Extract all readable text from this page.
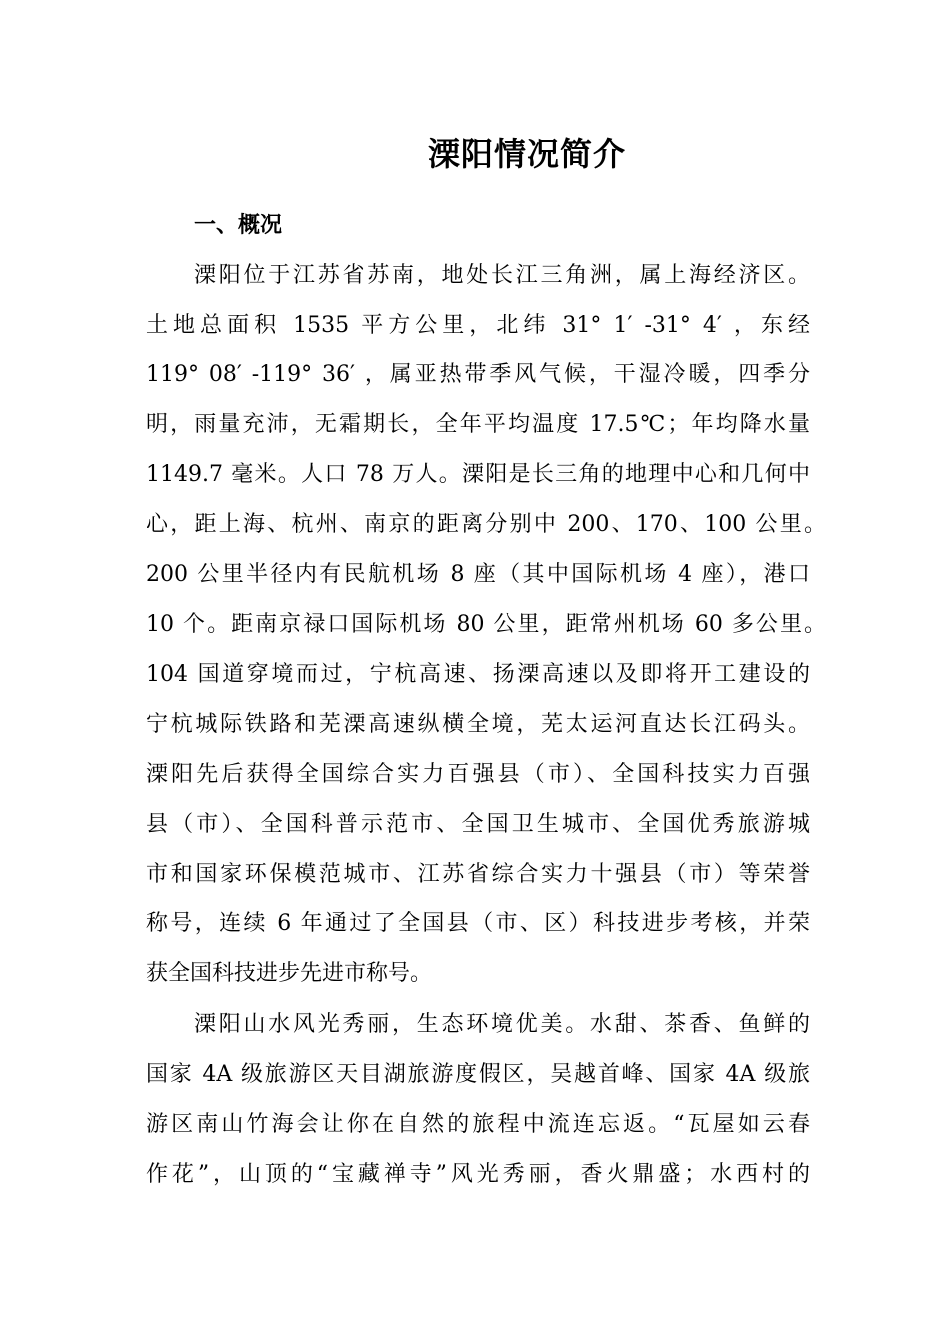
溧阳情况简介
一、概况
溧阳位于江苏省苏南，地处长江三角洲，属上海经济区。
土地总面积 1535 平方公里，北纬 31° 1′ -31° 4′ ，东经
119° 08′ -119° 36′ ，属亚热带季风气候，干湿冷暖，四季分
明，雨量充沛，无霜期长，全年平均温度 17.5℃；年均降水量
1149.7 毫米。人口 78 万人。溧阳是长三角的地理中心和几何中
心，距上海、杭州、南京的距离分别中 200、170、100 公里。
200 公里半径内有民航机场 8 座（其中国际机场 4 座），港口
10 个。距南京禄口国际机场 80 公里，距常州机场 60 多公里。
104 国道穿境而过，宁杭高速、扬溧高速以及即将开工建设的
宁杭城际铁路和芜溧高速纵横全境，芜太运河直达长江码头。
溧阳先后获得全国综合实力百强县（市）、全国科技实力百强
县（市）、全国科普示范市、全国卫生城市、全国优秀旅游城
市和国家环保模范城市、江苏省综合实力十强县（市）等荣誉
称号，连续 6 年通过了全国县（市、区）科技进步考核，并荣
获全国科技进步先进市称号。
溧阳山水风光秀丽，生态环境优美。水甜、茶香、鱼鲜的
国家 4A 级旅游区天目湖旅游度假区，吴越首峰、国家 4A 级旅
游区南山竹海会让你在自然的旅程中流连忘返。“瓦屋如云春
作花”，山顶的“宝藏禅寺”风光秀丽，香火鼎盛；水西村的
